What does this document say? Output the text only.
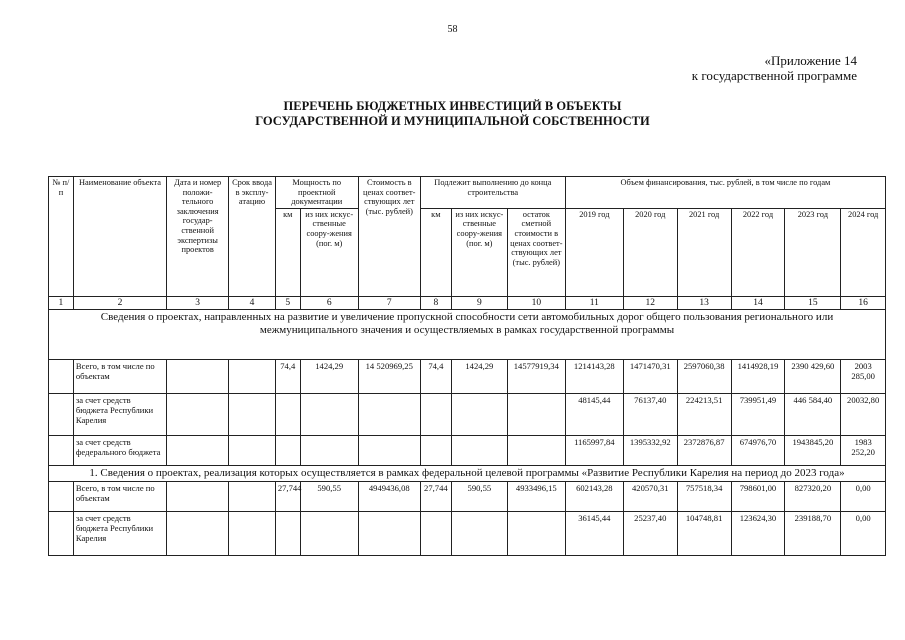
58
«Приложение 14
к государственной программе
ПЕРЕЧЕНЬ БЮДЖЕТНЫХ ИНВЕСТИЦИЙ В ОБЪЕКТЫ
ГОСУДАРСТВЕННОЙ И МУНИЦИПАЛЬНОЙ СОБСТВЕННОСТИ
№ п/п	Наименование объекта	Дата и номер положи-тельного заключения государ-ственной экспертизы проектов	Срок ввода в эксплу-атацию	Мощность по проектной документации		Стоимость в ценах соответ-ствующих лет (тыс. рублей)	Подлежит выполнению до конца строительства			Объем финансирования, тыс. рублей, в том числе по годам					
				км	из них искус-ственные соору-жения (пог. м)		км	из них искус-ственные соору-жения (пог. м)	остаток сметной стоимости в ценах соответ-ствующих лет (тыс. рублей)	2019 год	2020 год	2021 год	2022 год	2023 год	2024 год
1	2	3	4	5	6	7	8	9	10	11	12	13	14	15	16
Сведения о проектах, направленных на развитие и увеличение пропускной способности сети автомобильных дорог общего пользования регионального или межмуниципального значения и осуществляемых в рамках государственной программы															
	Всего, в том числе по объектам			74,4	1424,29	14 520969,25	74,4	1424,29	14577919,34	1214143,28	1471470,31	2597060,38	1414928,19	2390 429,60	2003 285,00
	за счет средств бюджета Республики Карелия									48145,44	76137,40	224213,51	739951,49	446 584,40	20032,80
	за счет средств федерального бюджета									1165997,84	1395332,92	2372876,87	674976,70	1943845,20	1983 252,20
1. Сведения о проектах, реализация которых осуществляется в рамках федеральной целевой программы «Развитие Республики Карелия на период до 2023 года»															
	Всего, в том числе по объектам			27,744	590,55	4949436,08	27,744	590,55	4933496,15	602143,28	420570,31	757518,34	798601,00	827320,20	0,00
	за счет средств бюджета Республики Карелия									36145,44	25237,40	104748,81	123624,30	239188,70	0,00
